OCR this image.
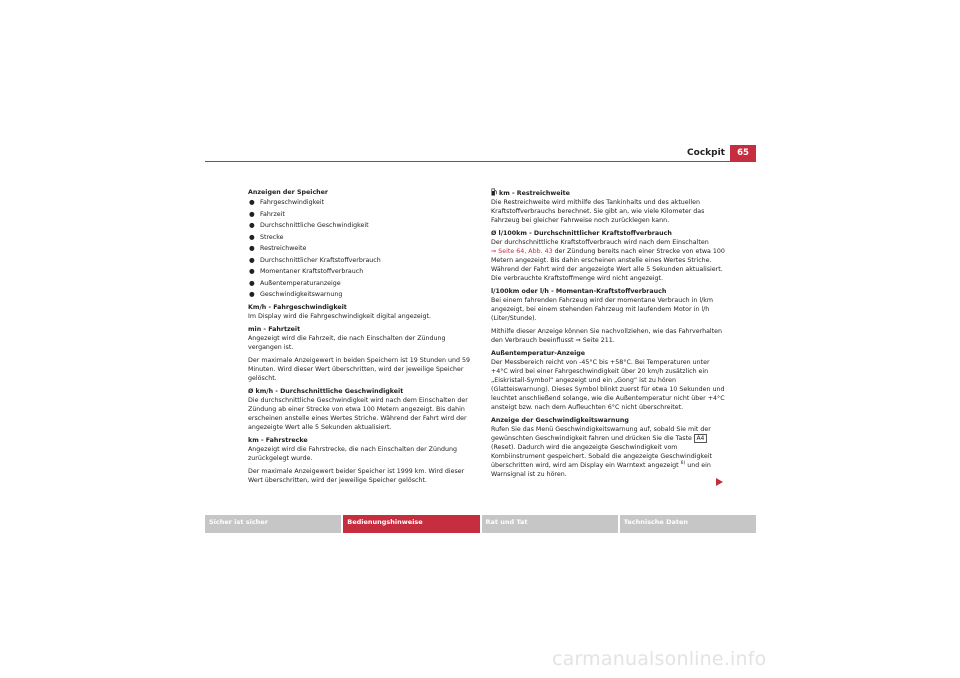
Cockpit	65
Anzeigen der Speicher
● Fahrgeschwindigkeit
● Fahrzeit
● Durchschnittliche Geschwindigkeit
● Strecke
● Restreichweite
● Durchschnittlicher Kraftstoffverbrauch
● Momentaner Kraftstoffverbrauch
● Außentemperaturanzeige
● Geschwindigkeitswarnung
Km/h - Fahrgeschwindigkeit
Im Display wird die Fahrgeschwindigkeit digital angezeigt.
min - Fahrtzeit
Angezeigt wird die Fahrzeit, die nach Einschalten der Zündung vergangen ist.
Der maximale Anzeigewert in beiden Speichern ist 19 Stunden und 59 Minuten. Wird dieser Wert überschritten, wird der jeweilige Speicher gelöscht.
Ø km/h - Durchschnittliche Geschwindigkeit
Die durchschnittliche Geschwindigkeit wird nach dem Einschalten der Zündung ab einer Strecke von etwa 100 Metern angezeigt. Bis dahin erscheinen anstelle eines Wertes Striche. Während der Fahrt wird der angezeigte Wert alle 5 Sekunden aktualisiert.
km - Fahrstrecke
Angezeigt wird die Fahrstrecke, die nach Einschalten der Zündung zurückgelegt wurde.
Der maximale Anzeigewert beider Speicher ist 1999 km. Wird dieser Wert überschritten, wird der jeweilige Speicher gelöscht.
km - Restreichweite
Die Restreichweite wird mithilfe des Tankinhalts und des aktuellen Kraftstoffverbrauchs berechnet. Sie gibt an, wie viele Kilometer das Fahrzeug bei gleicher Fahrweise noch zurücklegen kann.
Ø l/100km - Durchschnittlicher Kraftstoffverbrauch
Der durchschnittliche Kraftstoffverbrauch wird nach dem Einschalten
⇒ Seite 64, Abb. 43 der Zündung bereits nach einer Strecke von etwa 100 Metern angezeigt. Bis dahin erscheinen anstelle eines Wertes Striche. Während der Fahrt wird der angezeigte Wert alle 5 Sekunden aktualisiert. Die verbrauchte Kraftstoffmenge wird nicht angezeigt.
l/100km oder l/h - Momentan-Kraftstoffverbrauch
Bei einem fahrenden Fahrzeug wird der momentane Verbrauch in l/km angezeigt, bei einem stehenden Fahrzeug mit laufendem Motor in l/h (Liter/Stunde).
Mithilfe dieser Anzeige können Sie nachvollziehen, wie das Fahrverhalten den Verbrauch beeinflusst ⇒ Seite 211.
Außentemperatur-Anzeige
Der Messbereich reicht von -45°C bis +58°C. Bei Temperaturen unter +4°C wird bei einer Fahrgeschwindigkeit über 20 km/h zusätzlich ein „Eiskristall-Symbol“ angezeigt und ein „Gong“ ist zu hören (Glatteiswarnung). Dieses Symbol blinkt zuerst für etwa 10 Sekunden und leuchtet anschließend solange, wie die Außentemperatur nicht über +4°C ansteigt bzw. nach dem Aufleuchten 6°C nicht überschreitet.
Anzeige der Geschwindigkeitswarnung
Rufen Sie das Menü Geschwindigkeitswarnung auf, sobald Sie mit der gewünschten Geschwindigkeit fahren und drücken Sie die Taste A4 (Reset). Dadurch wird die angezeigte Geschwindigkeit vom Kombiinstrument gespeichert. Sobald die angezeigte Geschwindigkeit überschritten wird, wird am Display ein Warntext angezeigt $^{6)}$ und ein Warnsignal ist zu hören.
Sicher ist sicher	Bedienungshinweise	Rat und Tat	Technische Daten
carmanualsonline.info
